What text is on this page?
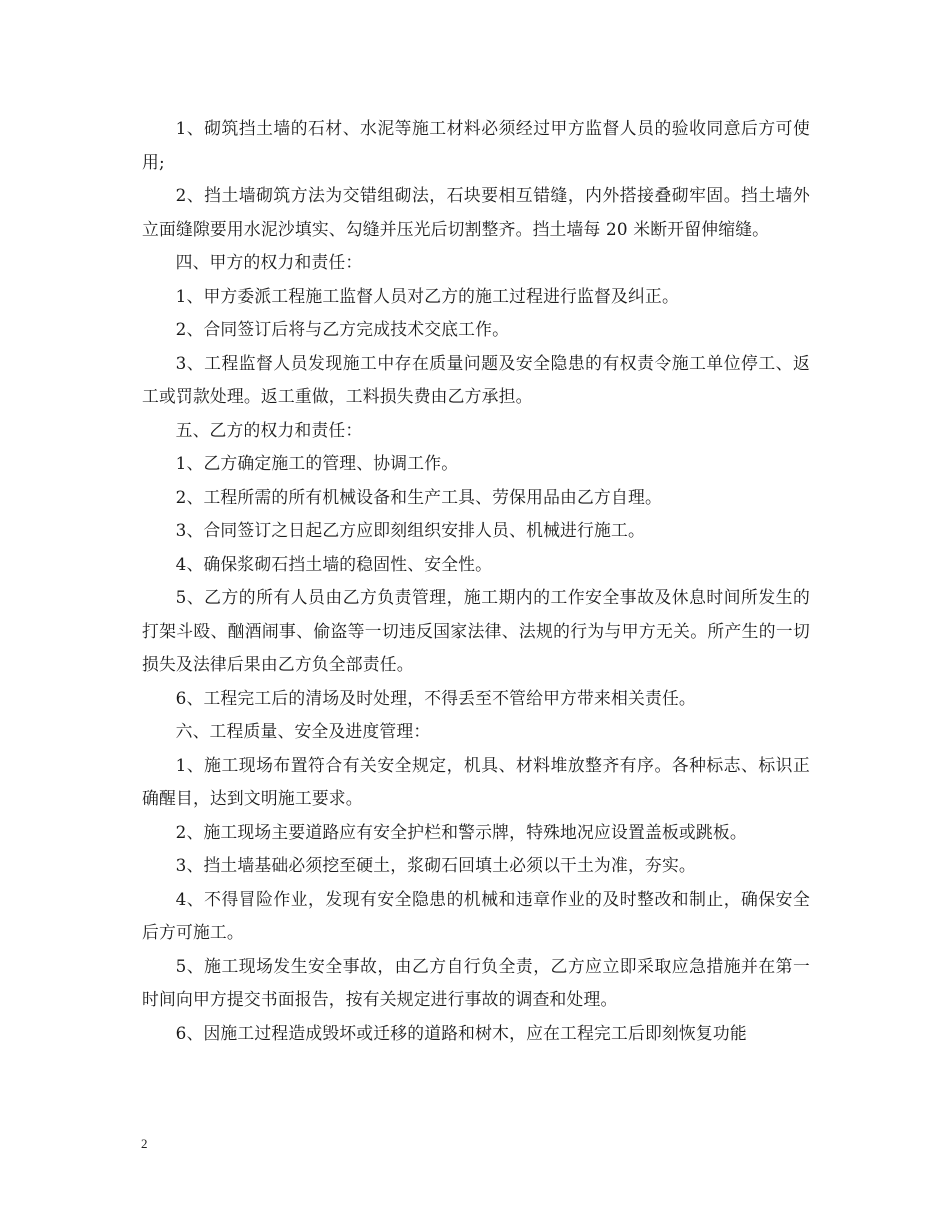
1、砌筑挡土墙的石材、水泥等施工材料必须经过甲方监督人员的验收同意后方可使用;

2、挡土墙砌筑方法为交错组砌法，石块要相互错缝，内外搭接叠砌牢固。挡土墙外立面缝隙要用水泥沙填实、勾缝并压光后切割整齐。挡土墙每 20 米断开留伸缩缝。

四、甲方的权力和责任：

1、甲方委派工程施工监督人员对乙方的施工过程进行监督及纠正。

2、合同签订后将与乙方完成技术交底工作。

3、工程监督人员发现施工中存在质量问题及安全隐患的有权责令施工单位停工、返工或罚款处理。返工重做，工料损失费由乙方承担。

五、乙方的权力和责任：

1、乙方确定施工的管理、协调工作。

2、工程所需的所有机械设备和生产工具、劳保用品由乙方自理。

3、合同签订之日起乙方应即刻组织安排人员、机械进行施工。

4、确保浆砌石挡土墙的稳固性、安全性。

5、乙方的所有人员由乙方负责管理，施工期内的工作安全事故及休息时间所发生的打架斗殴、酗酒闹事、偷盗等一切违反国家法律、法规的行为与甲方无关。所产生的一切损失及法律后果由乙方负全部责任。

6、工程完工后的清场及时处理，不得丢至不管给甲方带来相关责任。

六、工程质量、安全及进度管理：

1、施工现场布置符合有关安全规定，机具、材料堆放整齐有序。各种标志、标识正确醒目，达到文明施工要求。

2、施工现场主要道路应有安全护栏和警示牌，特殊地况应设置盖板或跳板。

3、挡土墙基础必须挖至硬土，浆砌石回填土必须以干土为准，夯实。

4、不得冒险作业，发现有安全隐患的机械和违章作业的及时整改和制止，确保安全后方可施工。

5、施工现场发生安全事故，由乙方自行负全责，乙方应立即采取应急措施并在第一时间向甲方提交书面报告，按有关规定进行事故的调查和处理。

6、因施工过程造成毁坏或迁移的道路和树木，应在工程完工后即刻恢复功能

2
